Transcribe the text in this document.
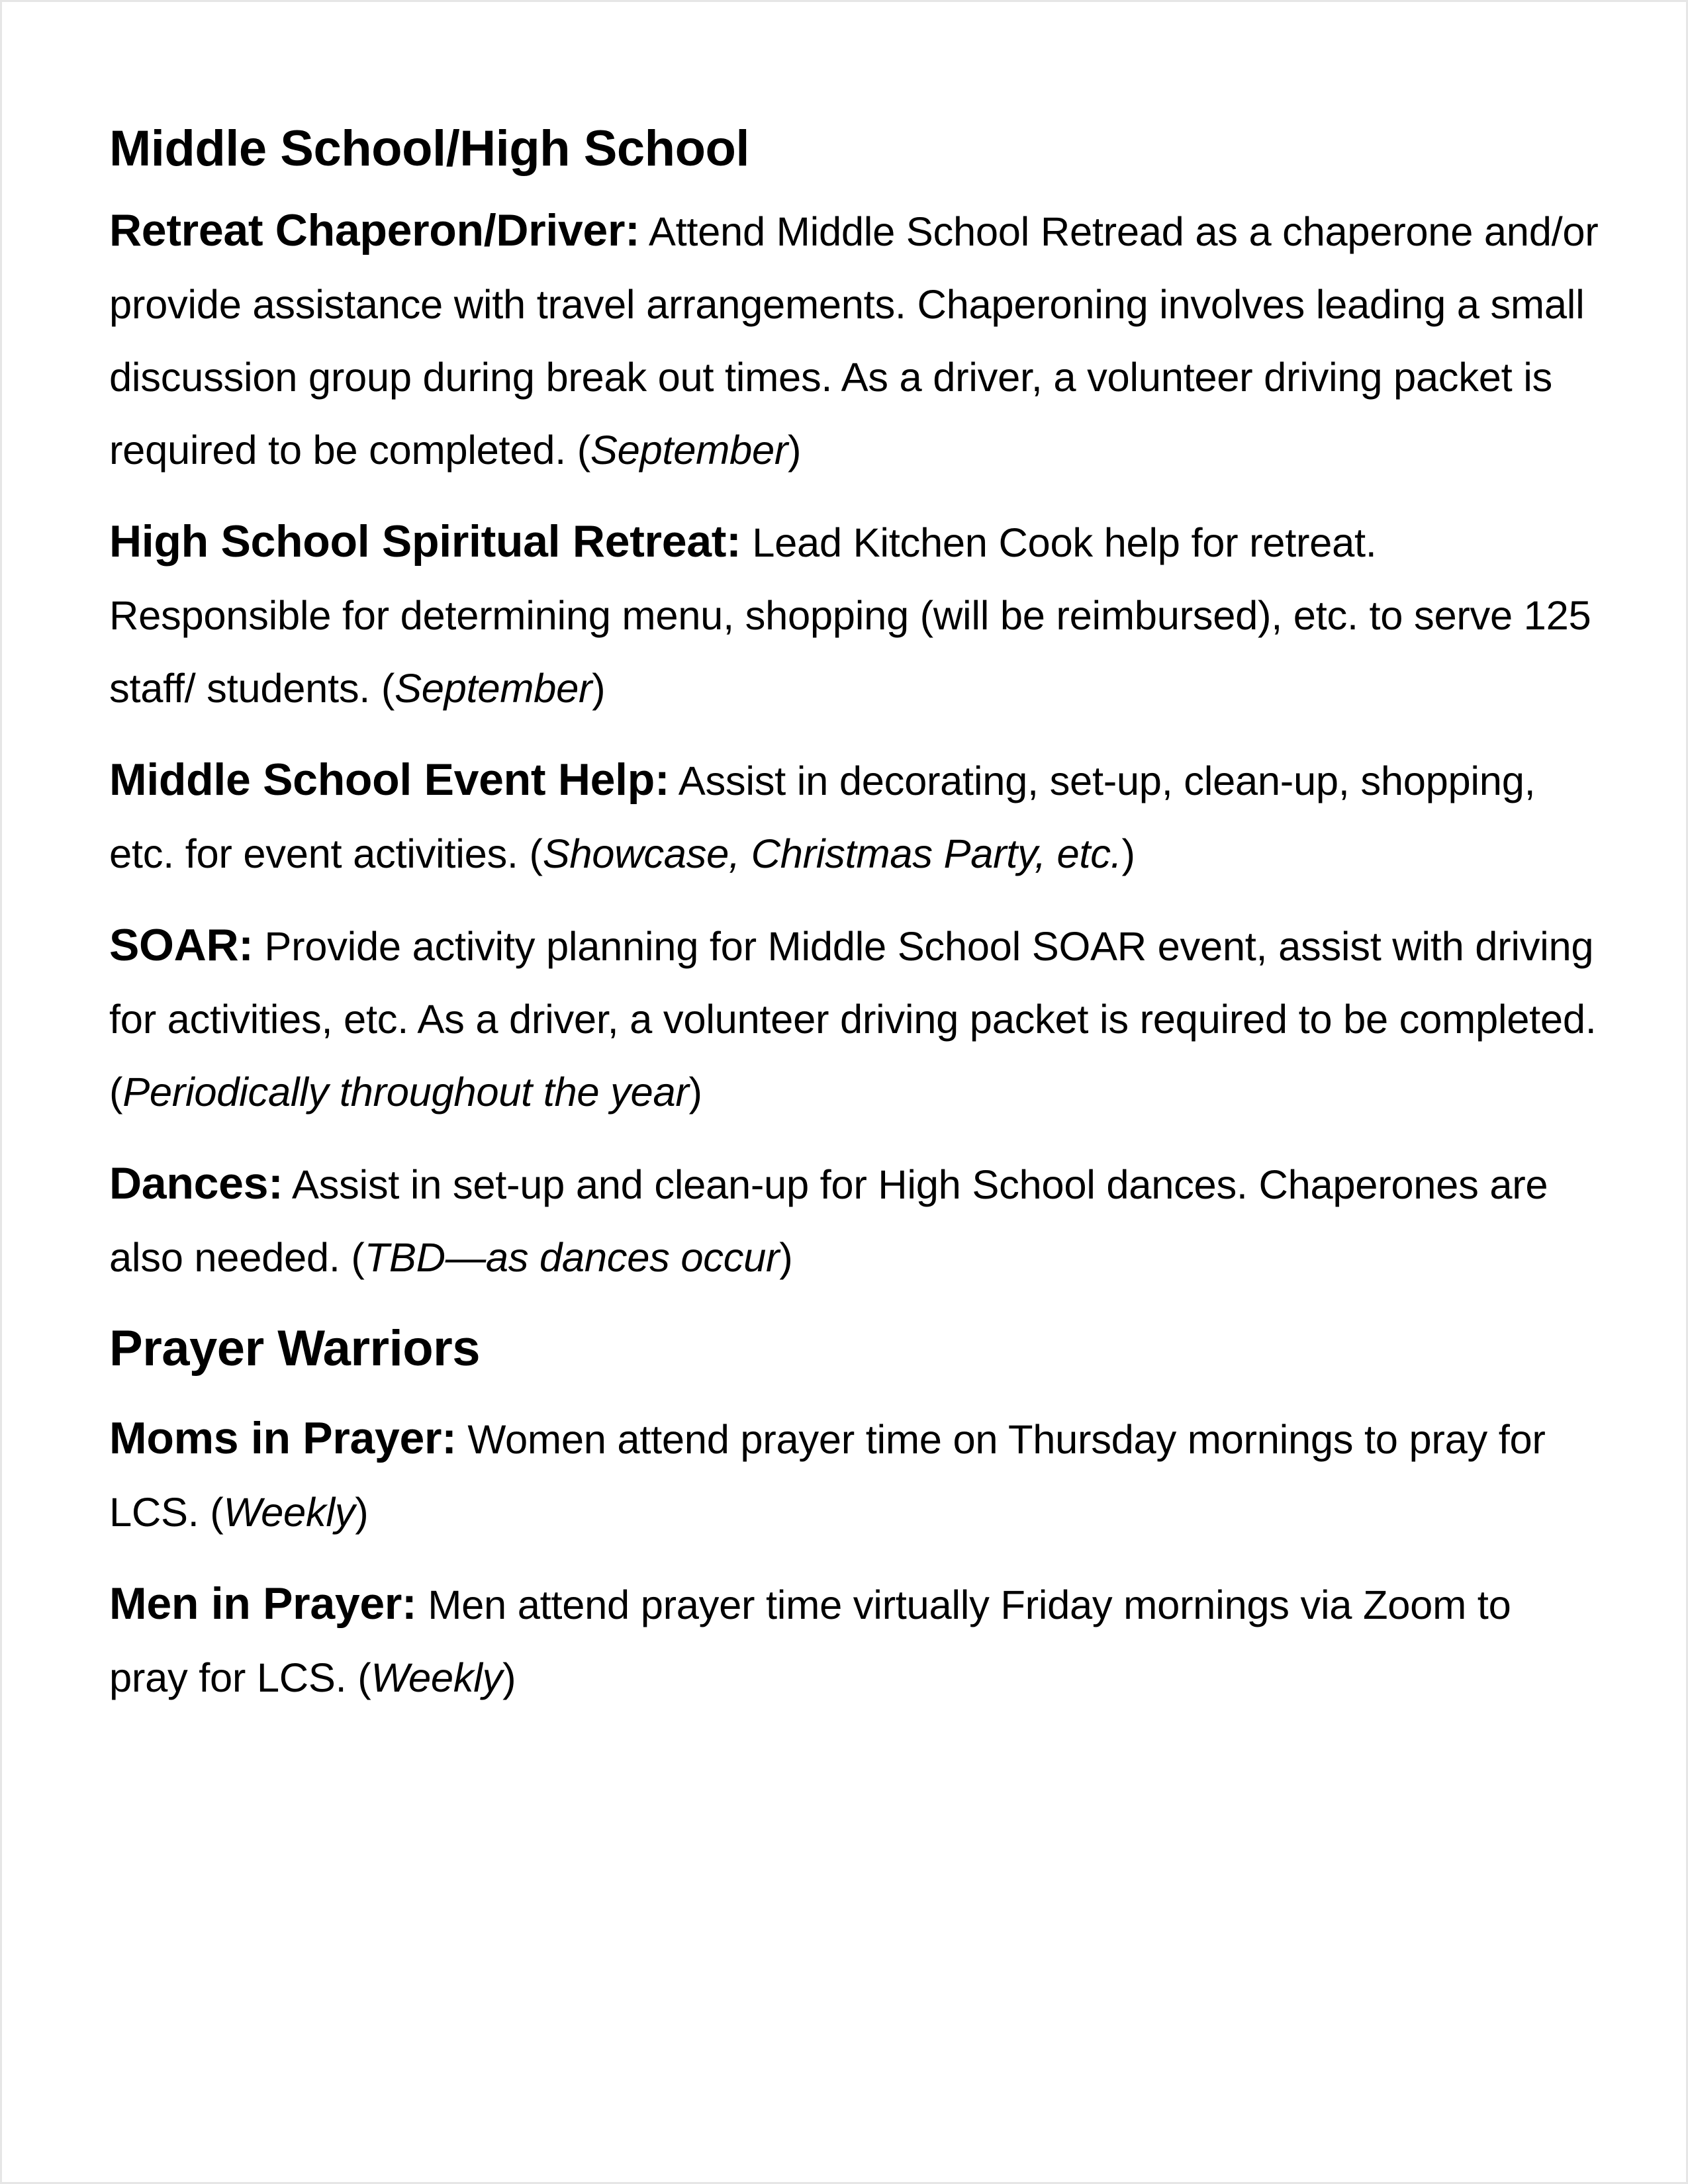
Middle School/High School

Retreat Chaperon/Driver: Attend Middle School Retread as a chaperone and/or provide assistance with travel arrangements. Chaperoning involves leading a small discussion group during break out times. As a driver, a volunteer driving packet is required to be completed. (September)

High School Spiritual Retreat: Lead Kitchen Cook help for retreat. Responsible for determining menu, shopping (will be reimbursed), etc. to serve 125 staff/ students. (September)

Middle School Event Help: Assist in decorating, set-up, clean-up, shopping, etc. for event activities. (Showcase, Christmas Party, etc.)

SOAR: Provide activity planning for Middle School SOAR event, assist with driving for activities, etc. As a driver, a volunteer driving packet is required to be completed. (Periodically throughout the year)

Dances: Assist in set-up and clean-up for High School dances. Chaperones are also needed. (TBD—as dances occur)

Prayer Warriors

Moms in Prayer: Women attend prayer time on Thursday mornings to pray for LCS. (Weekly)

Men in Prayer: Men attend prayer time virtually Friday mornings via Zoom to pray for LCS. (Weekly)
